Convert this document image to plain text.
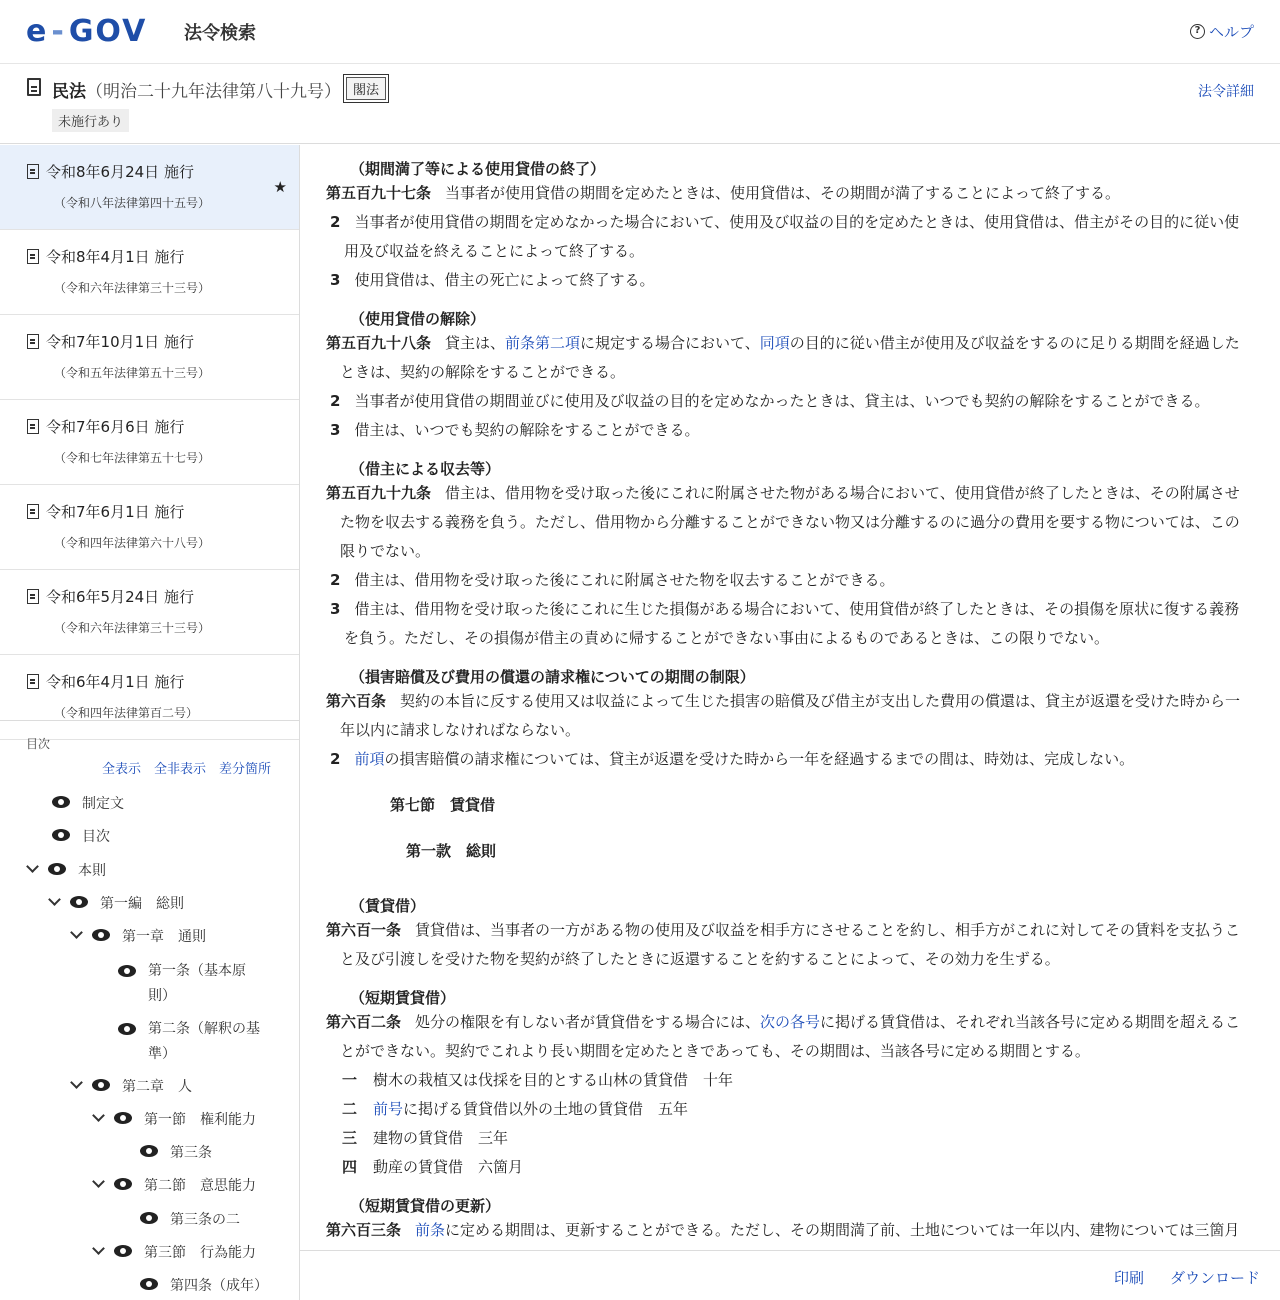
e - GOV 法令検索	? ヘルプ
民法（明治二十九年法律第八十九号） 閣法
未施行あり
法令詳細
令和8年6月24日 施行
（令和八年法律第四十五号）
★
令和8年4月1日 施行
（令和六年法律第三十三号）
令和7年10月1日 施行
（令和五年法律第五十三号）
令和7年6月6日 施行
（令和七年法律第五十七号）
令和7年6月1日 施行
（令和四年法律第六十八号）
令和6年5月24日 施行
（令和六年法律第三十三号）
令和6年4月1日 施行
（令和四年法律第百二号）
目次
全表示 全非表示 差分箇所
制定文
目次
本則
第一編　総則
第一章　通則
第一条（基本原
則）
第二条（解釈の基
準）
第二章　人
第一節　権利能力
第三条
第二節　意思能力
第三条の二
第三節　行為能力
第四条（成年）
（期間満了等による使用貸借の終了）
第五百九十七条 当事者が使用貸借の期間を定めたときは、使用貸借は、その期間が満了することによって終了する。
2 当事者が使用貸借の期間を定めなかった場合において、使用及び収益の目的を定めたときは、使用貸借は、借主がその目的に従い使用及び収益を終えることによって終了する。
3 使用貸借は、借主の死亡によって終了する。
（使用貸借の解除）
第五百九十八条 貸主は、前条第二項に規定する場合において、同項の目的に従い借主が使用及び収益をするのに足りる期間を経過したときは、契約の解除をすることができる。
2 当事者が使用貸借の期間並びに使用及び収益の目的を定めなかったときは、貸主は、いつでも契約の解除をすることができる。
3 借主は、いつでも契約の解除をすることができる。
（借主による収去等）
第五百九十九条 借主は、借用物を受け取った後にこれに附属させた物がある場合において、使用貸借が終了したときは、その附属させた物を収去する義務を負う。ただし、借用物から分離することができない物又は分離するのに過分の費用を要する物については、この限りでない。
2 借主は、借用物を受け取った後にこれに附属させた物を収去することができる。
3 借主は、借用物を受け取った後にこれに生じた損傷がある場合において、使用貸借が終了したときは、その損傷を原状に復する義務を負う。ただし、その損傷が借主の責めに帰することができない事由によるものであるときは、この限りでない。
（損害賠償及び費用の償還の請求権についての期間の制限）
第六百条 契約の本旨に反する使用又は収益によって生じた損害の賠償及び借主が支出した費用の償還は、貸主が返還を受けた時から一年以内に請求しなければならない。
2 前項の損害賠償の請求権については、貸主が返還を受けた時から一年を経過するまでの間は、時効は、完成しない。
第七節　賃貸借
第一款　総則
（賃貸借）
第六百一条 賃貸借は、当事者の一方がある物の使用及び収益を相手方にさせることを約し、相手方がこれに対してその賃料を支払うこと及び引渡しを受けた物を契約が終了したときに返還することを約することによって、その効力を生ずる。
（短期賃貸借）
第六百二条 処分の権限を有しない者が賃貸借をする場合には、次の各号に掲げる賃貸借は、それぞれ当該各号に定める期間を超えることができない。契約でこれより長い期間を定めたときであっても、その期間は、当該各号に定める期間とする。
一 樹木の栽植又は伐採を目的とする山林の賃貸借　十年
二 前号に掲げる賃貸借以外の土地の賃貸借　五年
三 建物の賃貸借　三年
四 動産の賃貸借　六箇月
（短期賃貸借の更新）
第六百三条 前条に定める期間は、更新することができる。ただし、その期間満了前、土地については一年以内、建物については三箇月
印刷 ダウンロード
